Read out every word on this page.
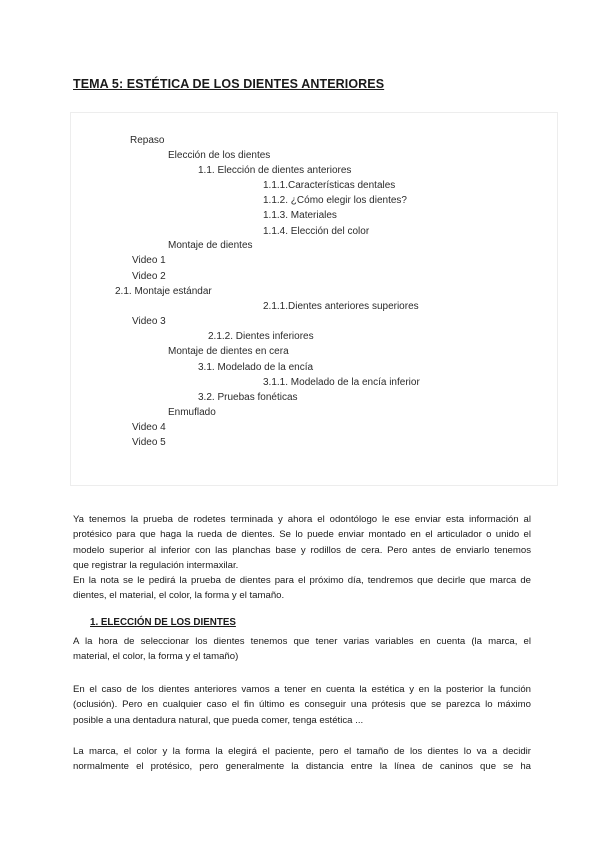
TEMA 5: ESTÉTICA DE LOS DIENTES ANTERIORES
Repaso
Elección de los dientes
1.1. Elección de dientes anteriores
1.1.1.Características dentales
1.1.2. ¿Cómo elegir los dientes?
1.1.3. Materiales
1.1.4. Elección del color
Montaje de dientes
Video 1
Video 2
2.1. Montaje estándar
2.1.1.Dientes anteriores superiores
Video 3
2.1.2. Dientes inferiores
Montaje de dientes en cera
3.1. Modelado de la encía
3.1.1. Modelado de la encía inferior
3.2. Pruebas fonéticas
Enmuflado
Video 4
Video 5
Ya tenemos la prueba de rodetes terminada y ahora el odontólogo le ese enviar esta información al
protésico para que haga la rueda de dientes. Se lo puede enviar montado en el articulador o unido el
modelo superior al inferior con las planchas base y rodillos de cera. Pero antes de enviarlo tenemos
que registrar la regulación intermaxilar.
En la nota se le pedirá la prueba de dientes para el próximo día, tendremos que decirle que marca de
dientes, el material, el color, la forma y el tamaño.
1. ELECCIÓN DE LOS DIENTES
A la hora de seleccionar los dientes tenemos que tener varias variables en cuenta (la marca, el
material, el color, la forma y el tamaño)
En el caso de los dientes anteriores vamos a tener en cuenta la estética y en la posterior la función
(oclusión). Pero en cualquier caso el fin último es conseguir una prótesis que se parezca lo máximo
posible a una dentadura natural, que pueda comer, tenga estética ...
La marca, el color y la forma la elegirá el paciente, pero el tamaño de los dientes lo va a decidir
normalmente el protésico, pero generalmente la distancia entre la línea de caninos que se ha
